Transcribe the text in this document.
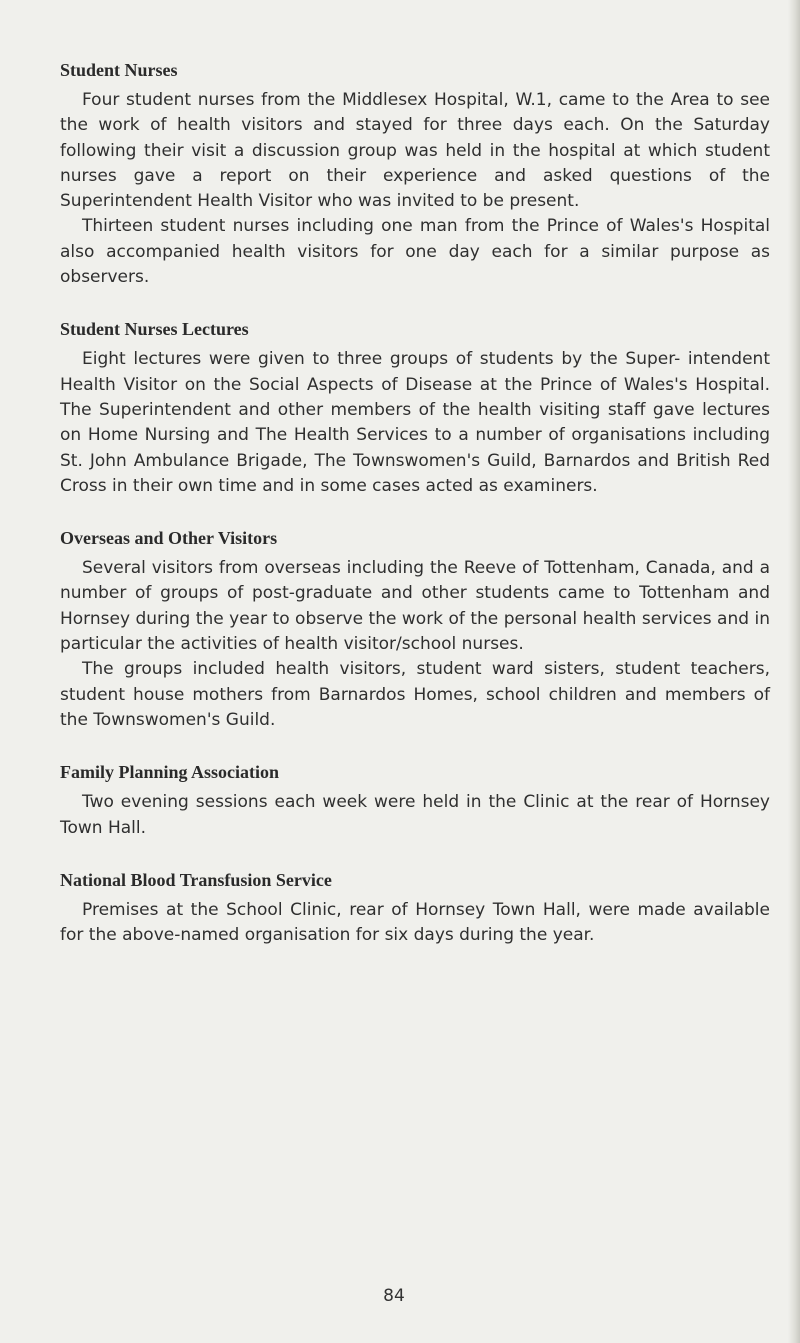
Student Nurses

Four student nurses from the Middlesex Hospital, W.1, came to the Area to see the work of health visitors and stayed for three days each. On the Saturday following their visit a discussion group was held in the hospital at which student nurses gave a report on their experience and asked questions of the Superintendent Health Visitor who was invited to be present.

Thirteen student nurses including one man from the Prince of Wales's Hospital also accompanied health visitors for one day each for a similar purpose as observers.

Student Nurses Lectures

Eight lectures were given to three groups of students by the Super- intendent Health Visitor on the Social Aspects of Disease at the Prince of Wales's Hospital. The Superintendent and other members of the health visiting staff gave lectures on Home Nursing and The Health Services to a number of organisations including St. John Ambulance Brigade, The Townswomen's Guild, Barnardos and British Red Cross in their own time and in some cases acted as examiners.

Overseas and Other Visitors

Several visitors from overseas including the Reeve of Tottenham, Canada, and a number of groups of post-graduate and other students came to Tottenham and Hornsey during the year to observe the work of the personal health services and in particular the activities of health visitor/school nurses.

The groups included health visitors, student ward sisters, student teachers, student house mothers from Barnardos Homes, school children and members of the Townswomen's Guild.

Family Planning Association

Two evening sessions each week were held in the Clinic at the rear of Hornsey Town Hall.

National Blood Transfusion Service

Premises at the School Clinic, rear of Hornsey Town Hall, were made available for the above-named organisation for six days during the year.

84
